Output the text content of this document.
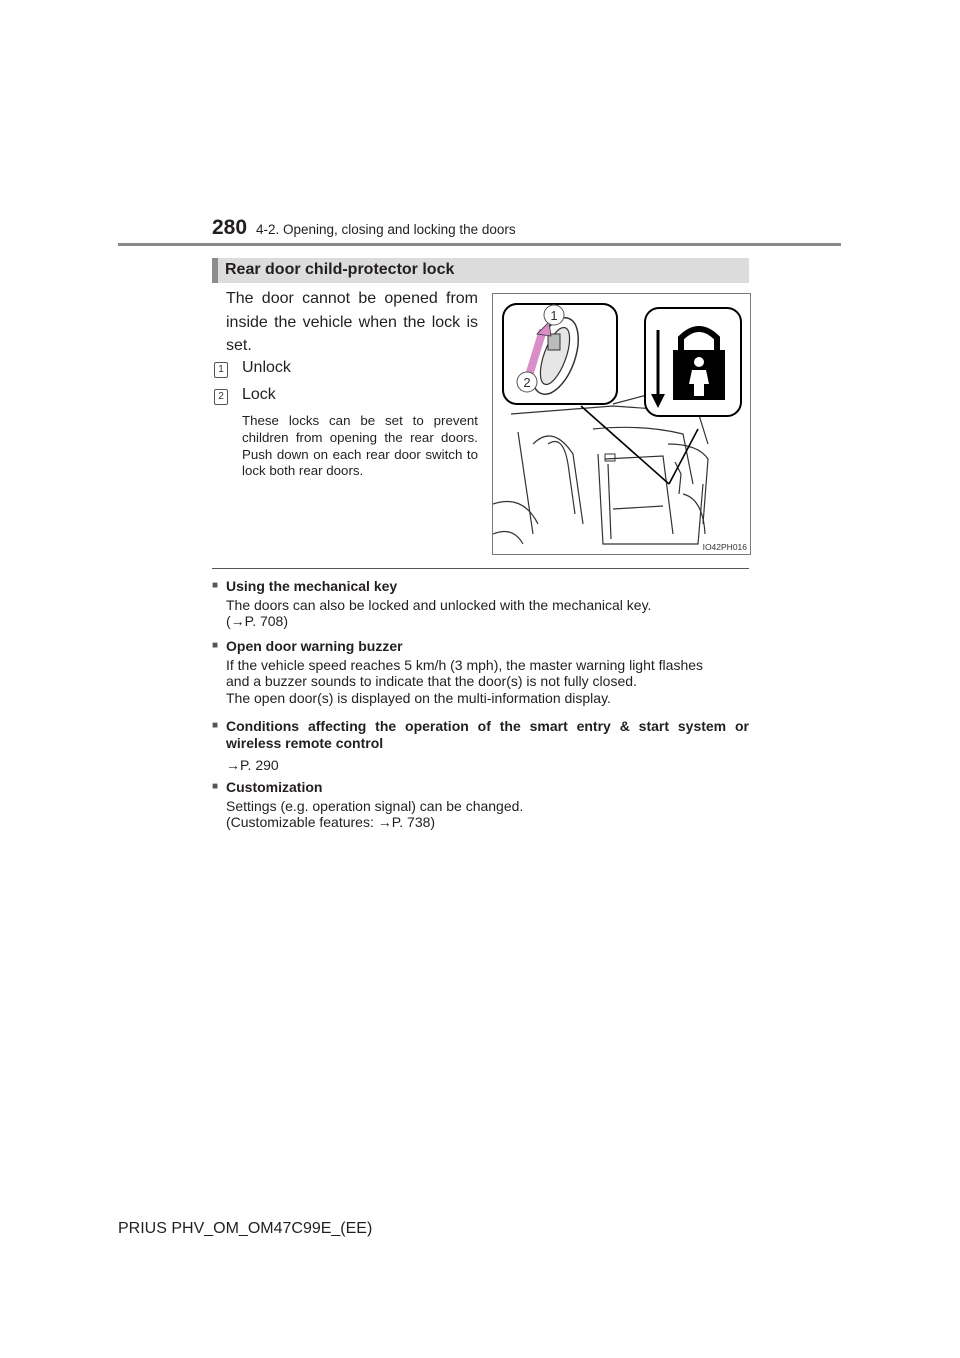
280 4-2. Opening, closing and locking the doors
Rear door child-protector lock
The door cannot be opened from inside the vehicle when the lock is set.
1 Unlock
2 Lock
These locks can be set to prevent children from opening the rear doors. Push down on each rear door switch to lock both rear doors.
1
2
IO42PH016
■ Using the mechanical key
The doors can also be locked and unlocked with the mechanical key.
(→P. 708)
■ Open door warning buzzer
If the vehicle speed reaches 5 km/h (3 mph), the master warning light flashes
and a buzzer sounds to indicate that the door(s) is not fully closed.
The open door(s) is displayed on the multi-information display.
■ Conditions affecting the operation of the smart entry & start system or
wireless remote control
→P. 290
■ Customization
Settings (e.g. operation signal) can be changed.
(Customizable features: →P. 738)
PRIUS PHV_OM_OM47C99E_(EE)
